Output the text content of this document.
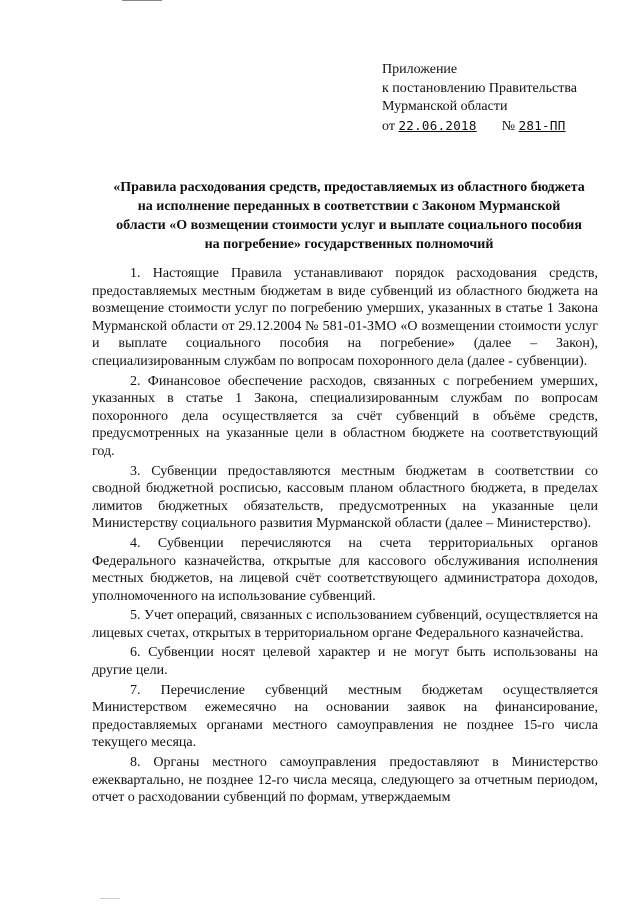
Приложение
к постановлению Правительства
Мурманской области
от 22.06.2018 № 281-ПП
«Правила расходования средств, предоставляемых из областного бюджета на исполнение переданных в соответствии с Законом Мурманской области «О возмещении стоимости услуг и выплате социального пособия на погребение» государственных полномочий

1. Настоящие Правила устанавливают порядок расходования средств, предоставляемых местным бюджетам в виде субвенций из областного бюджета на возмещение стоимости услуг по погребению умерших, указанных в статье 1 Закона Мурманской области от 29.12.2004 № 581-01-ЗМО «О возмещении стоимости услуг и выплате социального пособия на погребение» (далее – Закон), специализированным службам по вопросам похоронного дела (далее - субвенции).

2. Финансовое обеспечение расходов, связанных с погребением умерших, указанных в статье 1 Закона, специализированным службам по вопросам похоронного дела осуществляется за счёт субвенций в объёме средств, предусмотренных на указанные цели в областном бюджете на соответствующий год.

3. Субвенции предоставляются местным бюджетам в соответствии со сводной бюджетной росписью, кассовым планом областного бюджета, в пределах лимитов бюджетных обязательств, предусмотренных на указанные цели Министерству социального развития Мурманской области (далее – Министерство).

4. Субвенции перечисляются на счета территориальных органов Федерального казначейства, открытые для кассового обслуживания исполнения местных бюджетов, на лицевой счёт соответствующего администратора доходов, уполномоченного на использование субвенций.

5. Учет операций, связанных с использованием субвенций, осуществляется на лицевых счетах, открытых в территориальном органе Федерального казначейства.

6. Субвенции носят целевой характер и не могут быть использованы на другие цели.

7. Перечисление субвенций местным бюджетам осуществляется Министерством ежемесячно на основании заявок на финансирование, предоставляемых органами местного самоуправления не позднее 15-го числа текущего месяца.

8. Органы местного самоуправления предоставляют в Министерство ежеквартально, не позднее 12-го числа месяца, следующего за отчетным периодом, отчет о расходовании субвенций по формам, утверждаемым
